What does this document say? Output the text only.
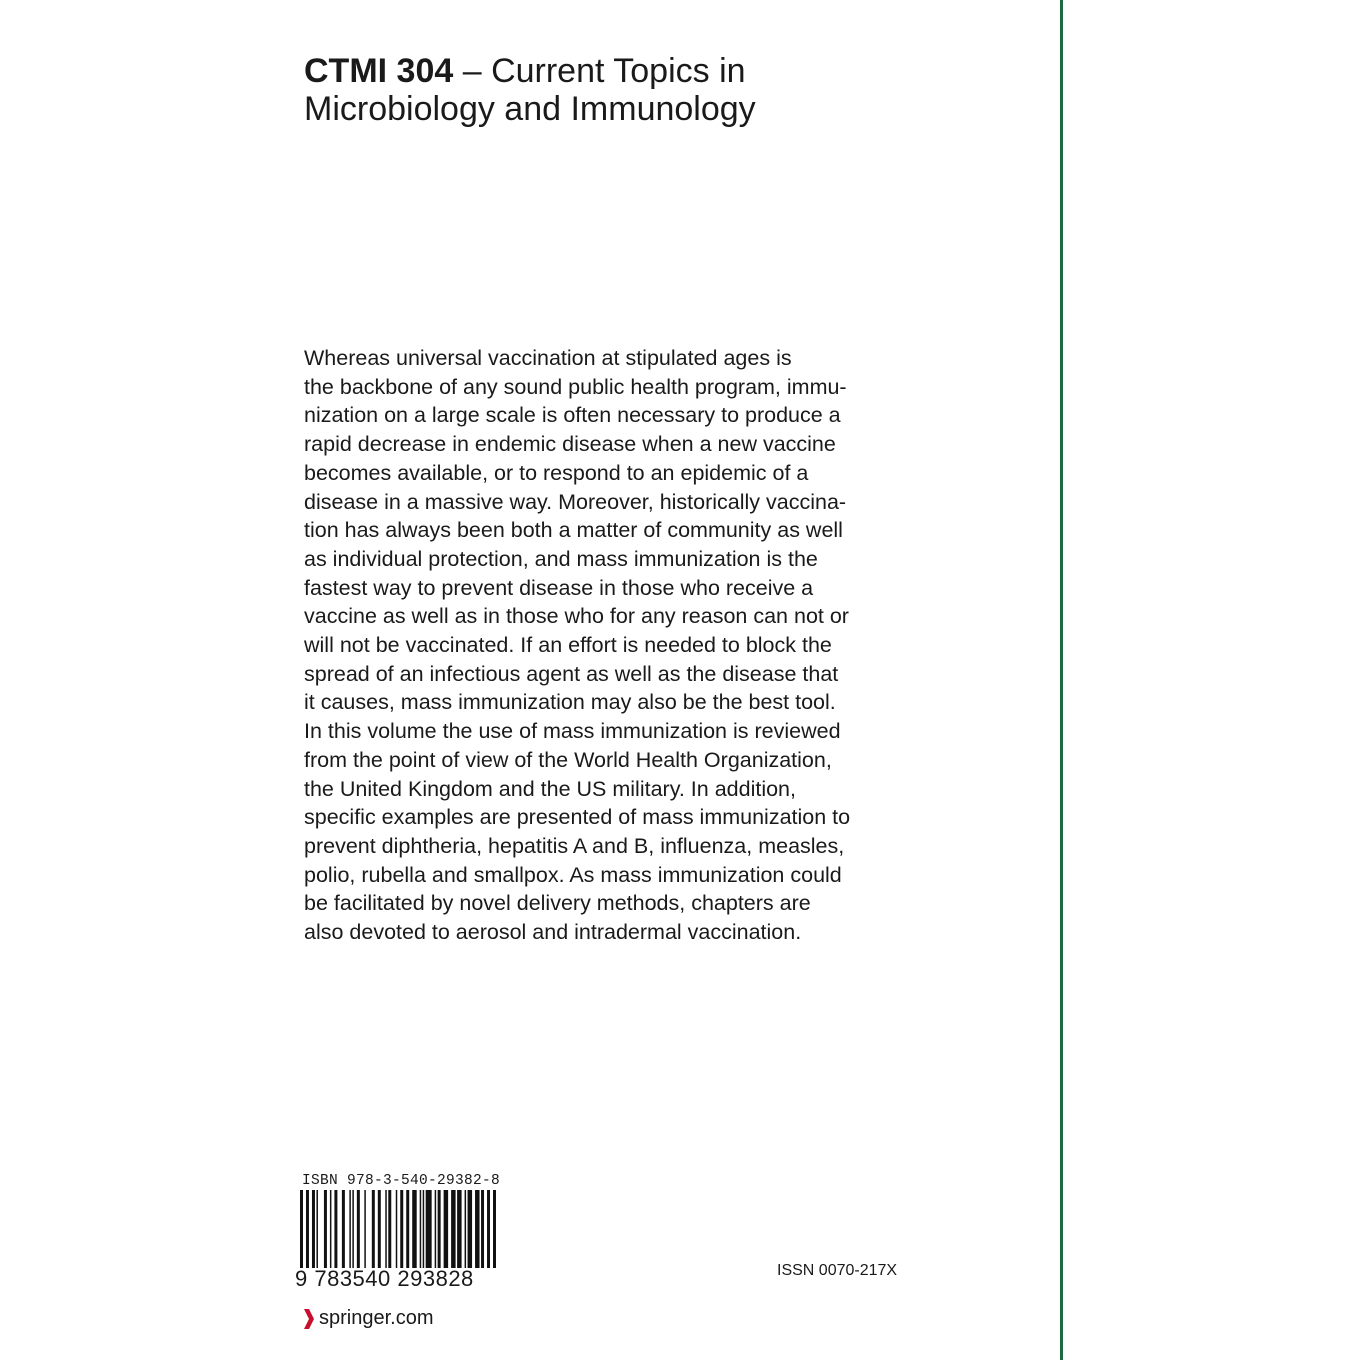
CTMI 304 – Current Topics in
Microbiology and Immunology
Whereas universal vaccination at stipulated ages is
the backbone of any sound public health program, immu-
nization on a large scale is often necessary to produce a
rapid decrease in endemic disease when a new vaccine
becomes available, or to respond to an epidemic of a
disease in a massive way. Moreover, historically vaccina-
tion has always been both a matter of community as well
as individual protection, and mass immunization is the
fastest way to prevent disease in those who receive a
vaccine as well as in those who for any reason can not or
will not be vaccinated. If an effort is needed to block the
spread of an infectious agent as well as the disease that
it causes, mass immunization may also be the best tool.
In this volume the use of mass immunization is reviewed
from the point of view of the World Health Organization,
the United Kingdom and the US military. In addition,
specific examples are presented of mass immunization to
prevent diphtheria, hepatitis A and B, influenza, measles,
polio, rubella and smallpox. As mass immunization could
be facilitated by novel delivery methods, chapters are
also devoted to aerosol and intradermal vaccination.
ISBN 978-3-540-29382-8
9 783540 293828	ISSN 0070-217X
springer.com
